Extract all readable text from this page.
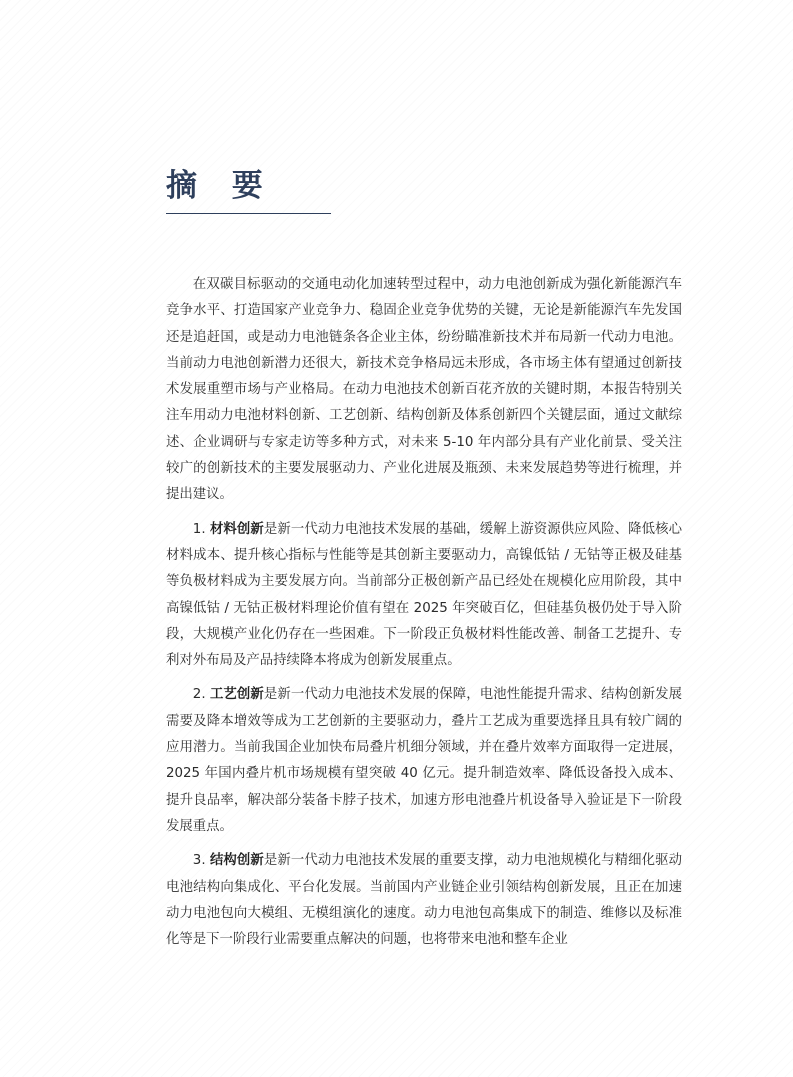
摘 要

在双碳目标驱动的交通电动化加速转型过程中，动力电池创新成为强化新能源汽车竞争水平、打造国家产业竞争力、稳固企业竞争优势的关键，无论是新能源汽车先发国还是追赶国，或是动力电池链条各企业主体，纷纷瞄准新技术并布局新一代动力电池。当前动力电池创新潜力还很大，新技术竞争格局远未形成，各市场主体有望通过创新技术发展重塑市场与产业格局。在动力电池技术创新百花齐放的关键时期，本报告特别关注车用动力电池材料创新、工艺创新、结构创新及体系创新四个关键层面，通过文献综述、企业调研与专家走访等多种方式，对未来 5-10 年内部分具有产业化前景、受关注较广的创新技术的主要发展驱动力、产业化进展及瓶颈、未来发展趋势等进行梳理，并提出建议。

1. 材料创新是新一代动力电池技术发展的基础，缓解上游资源供应风险、降低核心材料成本、提升核心指标与性能等是其创新主要驱动力，高镍低钴 / 无钴等正极及硅基等负极材料成为主要发展方向。当前部分正极创新产品已经处在规模化应用阶段，其中高镍低钴 / 无钴正极材料理论价值有望在 2025 年突破百亿，但硅基负极仍处于导入阶段，大规模产业化仍存在一些困难。下一阶段正负极材料性能改善、制备工艺提升、专利对外布局及产品持续降本将成为创新发展重点。

2. 工艺创新是新一代动力电池技术发展的保障，电池性能提升需求、结构创新发展需要及降本增效等成为工艺创新的主要驱动力，叠片工艺成为重要选择且具有较广阔的应用潜力。当前我国企业加快布局叠片机细分领域，并在叠片效率方面取得一定进展，2025 年国内叠片机市场规模有望突破 40 亿元。提升制造效率、降低设备投入成本、提升良品率，解决部分装备卡脖子技术，加速方形电池叠片机设备导入验证是下一阶段发展重点。

3. 结构创新是新一代动力电池技术发展的重要支撑，动力电池规模化与精细化驱动电池结构向集成化、平台化发展。当前国内产业链企业引领结构创新发展，且正在加速动力电池包向大模组、无模组演化的速度。动力电池包高集成下的制造、维修以及标准化等是下一阶段行业需要重点解决的问题，也将带来电池和整车企业
